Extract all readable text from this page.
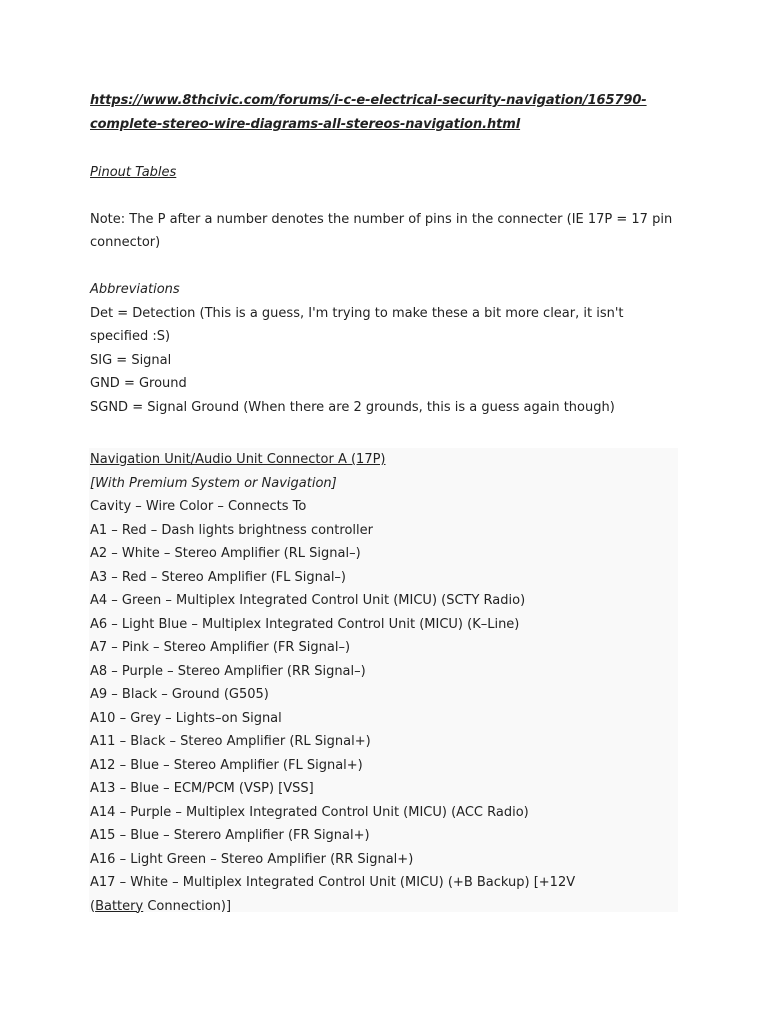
https://www.8thcivic.com/forums/i-c-e-electrical-security-navigation/165790-
complete-stereo-wire-diagrams-all-stereos-navigation.html
Pinout Tables
Note: The P after a number denotes the number of pins in the connecter (IE 17P = 17 pin
connector)
Abbreviations
Det = Detection (This is a guess, I'm trying to make these a bit more clear, it isn't
specified :S)
SIG = Signal
GND = Ground
SGND = Signal Ground (When there are 2 grounds, this is a guess again though)
Navigation Unit/Audio Unit Connector A (17P)
[With Premium System or Navigation]
Cavity – Wire Color – Connects To
A1 – Red – Dash lights brightness controller
A2 – White – Stereo Amplifier (RL Signal–)
A3 – Red – Stereo Amplifier (FL Signal–)
A4 – Green – Multiplex Integrated Control Unit (MICU) (SCTY Radio)
A6 – Light Blue – Multiplex Integrated Control Unit (MICU) (K–Line)
A7 – Pink – Stereo Amplifier (FR Signal–)
A8 – Purple – Stereo Amplifier (RR Signal–)
A9 – Black – Ground (G505)
A10 – Grey – Lights–on Signal
A11 – Black – Stereo Amplifier (RL Signal+)
A12 – Blue – Stereo Amplifier (FL Signal+)
A13 – Blue – ECM/PCM (VSP) [VSS]
A14 – Purple – Multiplex Integrated Control Unit (MICU) (ACC Radio)
A15 – Blue – Sterero Amplifier (FR Signal+)
A16 – Light Green – Stereo Amplifier (RR Signal+)
A17 – White – Multiplex Integrated Control Unit (MICU) (+B Backup) [+12V
(Battery Connection)]
